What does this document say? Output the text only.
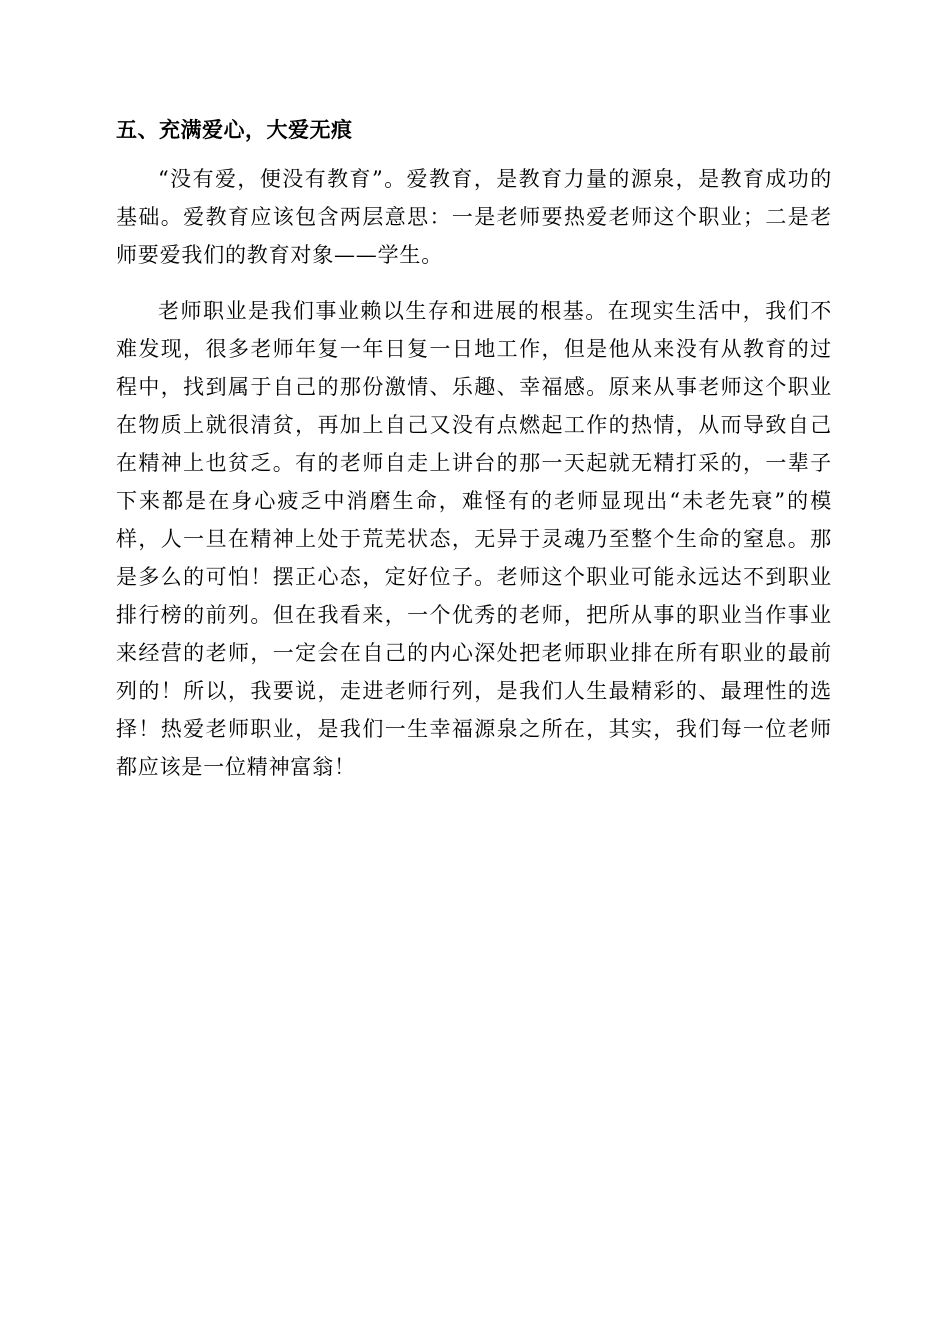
五、充满爱心，大爱无痕

“没有爱，便没有教育”。爱教育，是教育力量的源泉，是教育成功的基础。爱教育应该包含两层意思：一是老师要热爱老师这个职业；二是老师要爱我们的教育对象——学生。

老师职业是我们事业赖以生存和进展的根基。在现实生活中，我们不难发现，很多老师年复一年日复一日地工作，但是他从来没有从教育的过程中，找到属于自己的那份激情、乐趣、幸福感。原来从事老师这个职业在物质上就很清贫，再加上自己又没有点燃起工作的热情，从而导致自己在精神上也贫乏。有的老师自走上讲台的那一天起就无精打采的，一辈子下来都是在身心疲乏中消磨生命，难怪有的老师显现出“未老先衰”的模样，人一旦在精神上处于荒芜状态，无异于灵魂乃至整个生命的窒息。那是多么的可怕！摆正心态，定好位子。老师这个职业可能永远达不到职业排行榜的前列。但在我看来，一个优秀的老师，把所从事的职业当作事业来经营的老师，一定会在自己的内心深处把老师职业排在所有职业的最前列的！所以，我要说，走进老师行列，是我们人生最精彩的、最理性的选择！热爱老师职业，是我们一生幸福源泉之所在，其实，我们每一位老师都应该是一位精神富翁！
